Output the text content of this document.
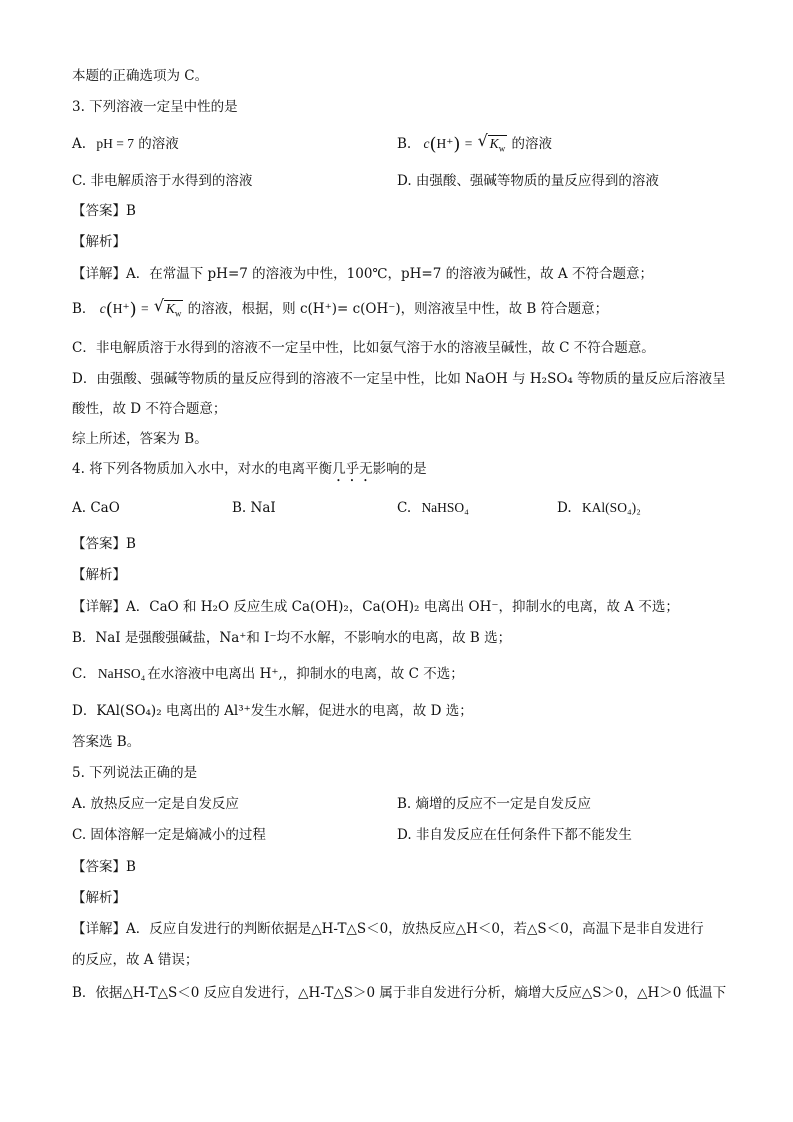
本题的正确选项为 C。
3. 下列溶液一定呈中性的是
A. pH = 7 的溶液	B. c(H⁺) = √ $K_w$ 的溶液
C. 非电解质溶于水得到的溶液	D. 由强酸、强碱等物质的量反应得到的溶液
【答案】B
【解析】
【详解】A．在常温下 pH=7 的溶液为中性，100℃，pH=7 的溶液为碱性，故 A 不符合题意；
B． c(H⁺) = √ $K_w$ 的溶液，根据，则 c(H⁺)= c(OH⁻)，则溶液呈中性，故 B 符合题意；
C．非电解质溶于水得到的溶液不一定呈中性，比如氨气溶于水的溶液呈碱性，故 C 不符合题意。
D．由强酸、强碱等物质的量反应得到的溶液不一定呈中性，比如 NaOH 与 H₂SO₄ 等物质的量反应后溶液呈
酸性，故 D 不符合题意；
综上所述，答案为 B。
4. 将下列各物质加入水中，对水的电离平衡几乎无影响的是
A. CaO	B. NaI	C. NaHSO₄	D. KAl(SO₄)₂
【答案】B
【解析】
【详解】A．CaO 和 H₂O 反应生成 Ca(OH)₂，Ca(OH)₂ 电离出 OH⁻，抑制水的电离，故 A 不选；
B．NaI 是强酸强碱盐，Na⁺和 I⁻均不水解，不影响水的电离，故 B 选；
C． NaHSO₄ 在水溶液中电离出 H⁺,，抑制水的电离，故 C 不选；
D．KAl(SO₄)₂ 电离出的 Al³⁺发生水解，促进水的电离，故 D 选；
答案选 B。
5. 下列说法正确的是
A. 放热反应一定是自发反应	B. 熵增的反应不一定是自发反应
C. 固体溶解一定是熵减小的过程	D. 非自发反应在任何条件下都不能发生
【答案】B
【解析】
【详解】A．反应自发进行的判断依据是△H-T△S＜0，放热反应△H＜0，若△S＜0，高温下是非自发进行
的反应，故 A 错误；
B．依据△H-T△S＜0 反应自发进行，△H-T△S＞0 属于非自发进行分析，熵增大反应△S＞0，△H＞0 低温下
